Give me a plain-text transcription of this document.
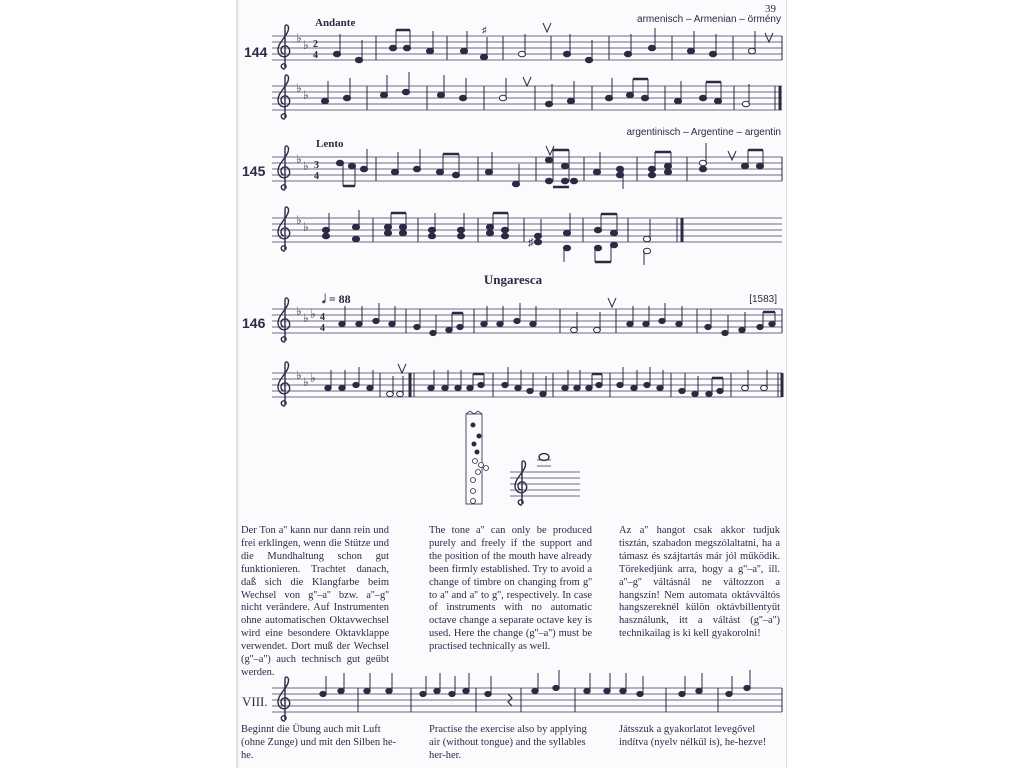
♭ ♭ 2
4
♯
♭ ♭
♭ ♭ 3
4
♭ ♭
♯
♭ ♭ ♭ 4
4
♭ ♭ ♭
39
Andante	armenisch – Armenian – örmény
144
argentinisch – Argentine – argentin
Lento
145
Ungaresca
𝅗𝅥 = 88	[1583]
146
Der Ton a'' kann nur dann rein und frei erklingen, wenn die Stütze und die Mundhaltung schon gut funktionieren. Trachtet danach, daß sich die Klangfarbe beim Wechsel von g''–a'' bzw. a''–g'' nicht verändere. Auf Instrumenten ohne automatischen Oktavwechsel wird eine besondere Oktavklappe verwendet. Dort muß der Wechsel (g''–a'') auch technisch gut geübt werden.
The tone a'' can only be produced purely and freely if the support and the position of the mouth have already been firmly established. Try to avoid a change of timbre on changing from g'' to a'' and a'' to g'', respectively. In case of instruments with no automatic octave change a separate octave key is used. Here the change (g''–a'') must be practised technically as well.
Az a'' hangot csak akkor tudjuk tisztán, szabadon megszólaltatni, ha a támasz és szájtartás már jól működik. Törekedjünk arra, hogy a g''–a'', ill. a''–g'' váltásnál ne változzon a hangszín! Nem automata oktávváltós hangszereknél külön oktávbillentyűt használunk, itt a váltást (g''–a'') technikailag is ki kell gyakorolni!
VIII.
Beginnt die Übung auch mit Luft (ohne Zunge) und mit den Silben he-he.
Practise the exercise also by applying air (without tongue) and the syllables her-her.
Játsszuk a gyakorlatot levegővel indítva (nyelv nélkül is), he-hezve!
